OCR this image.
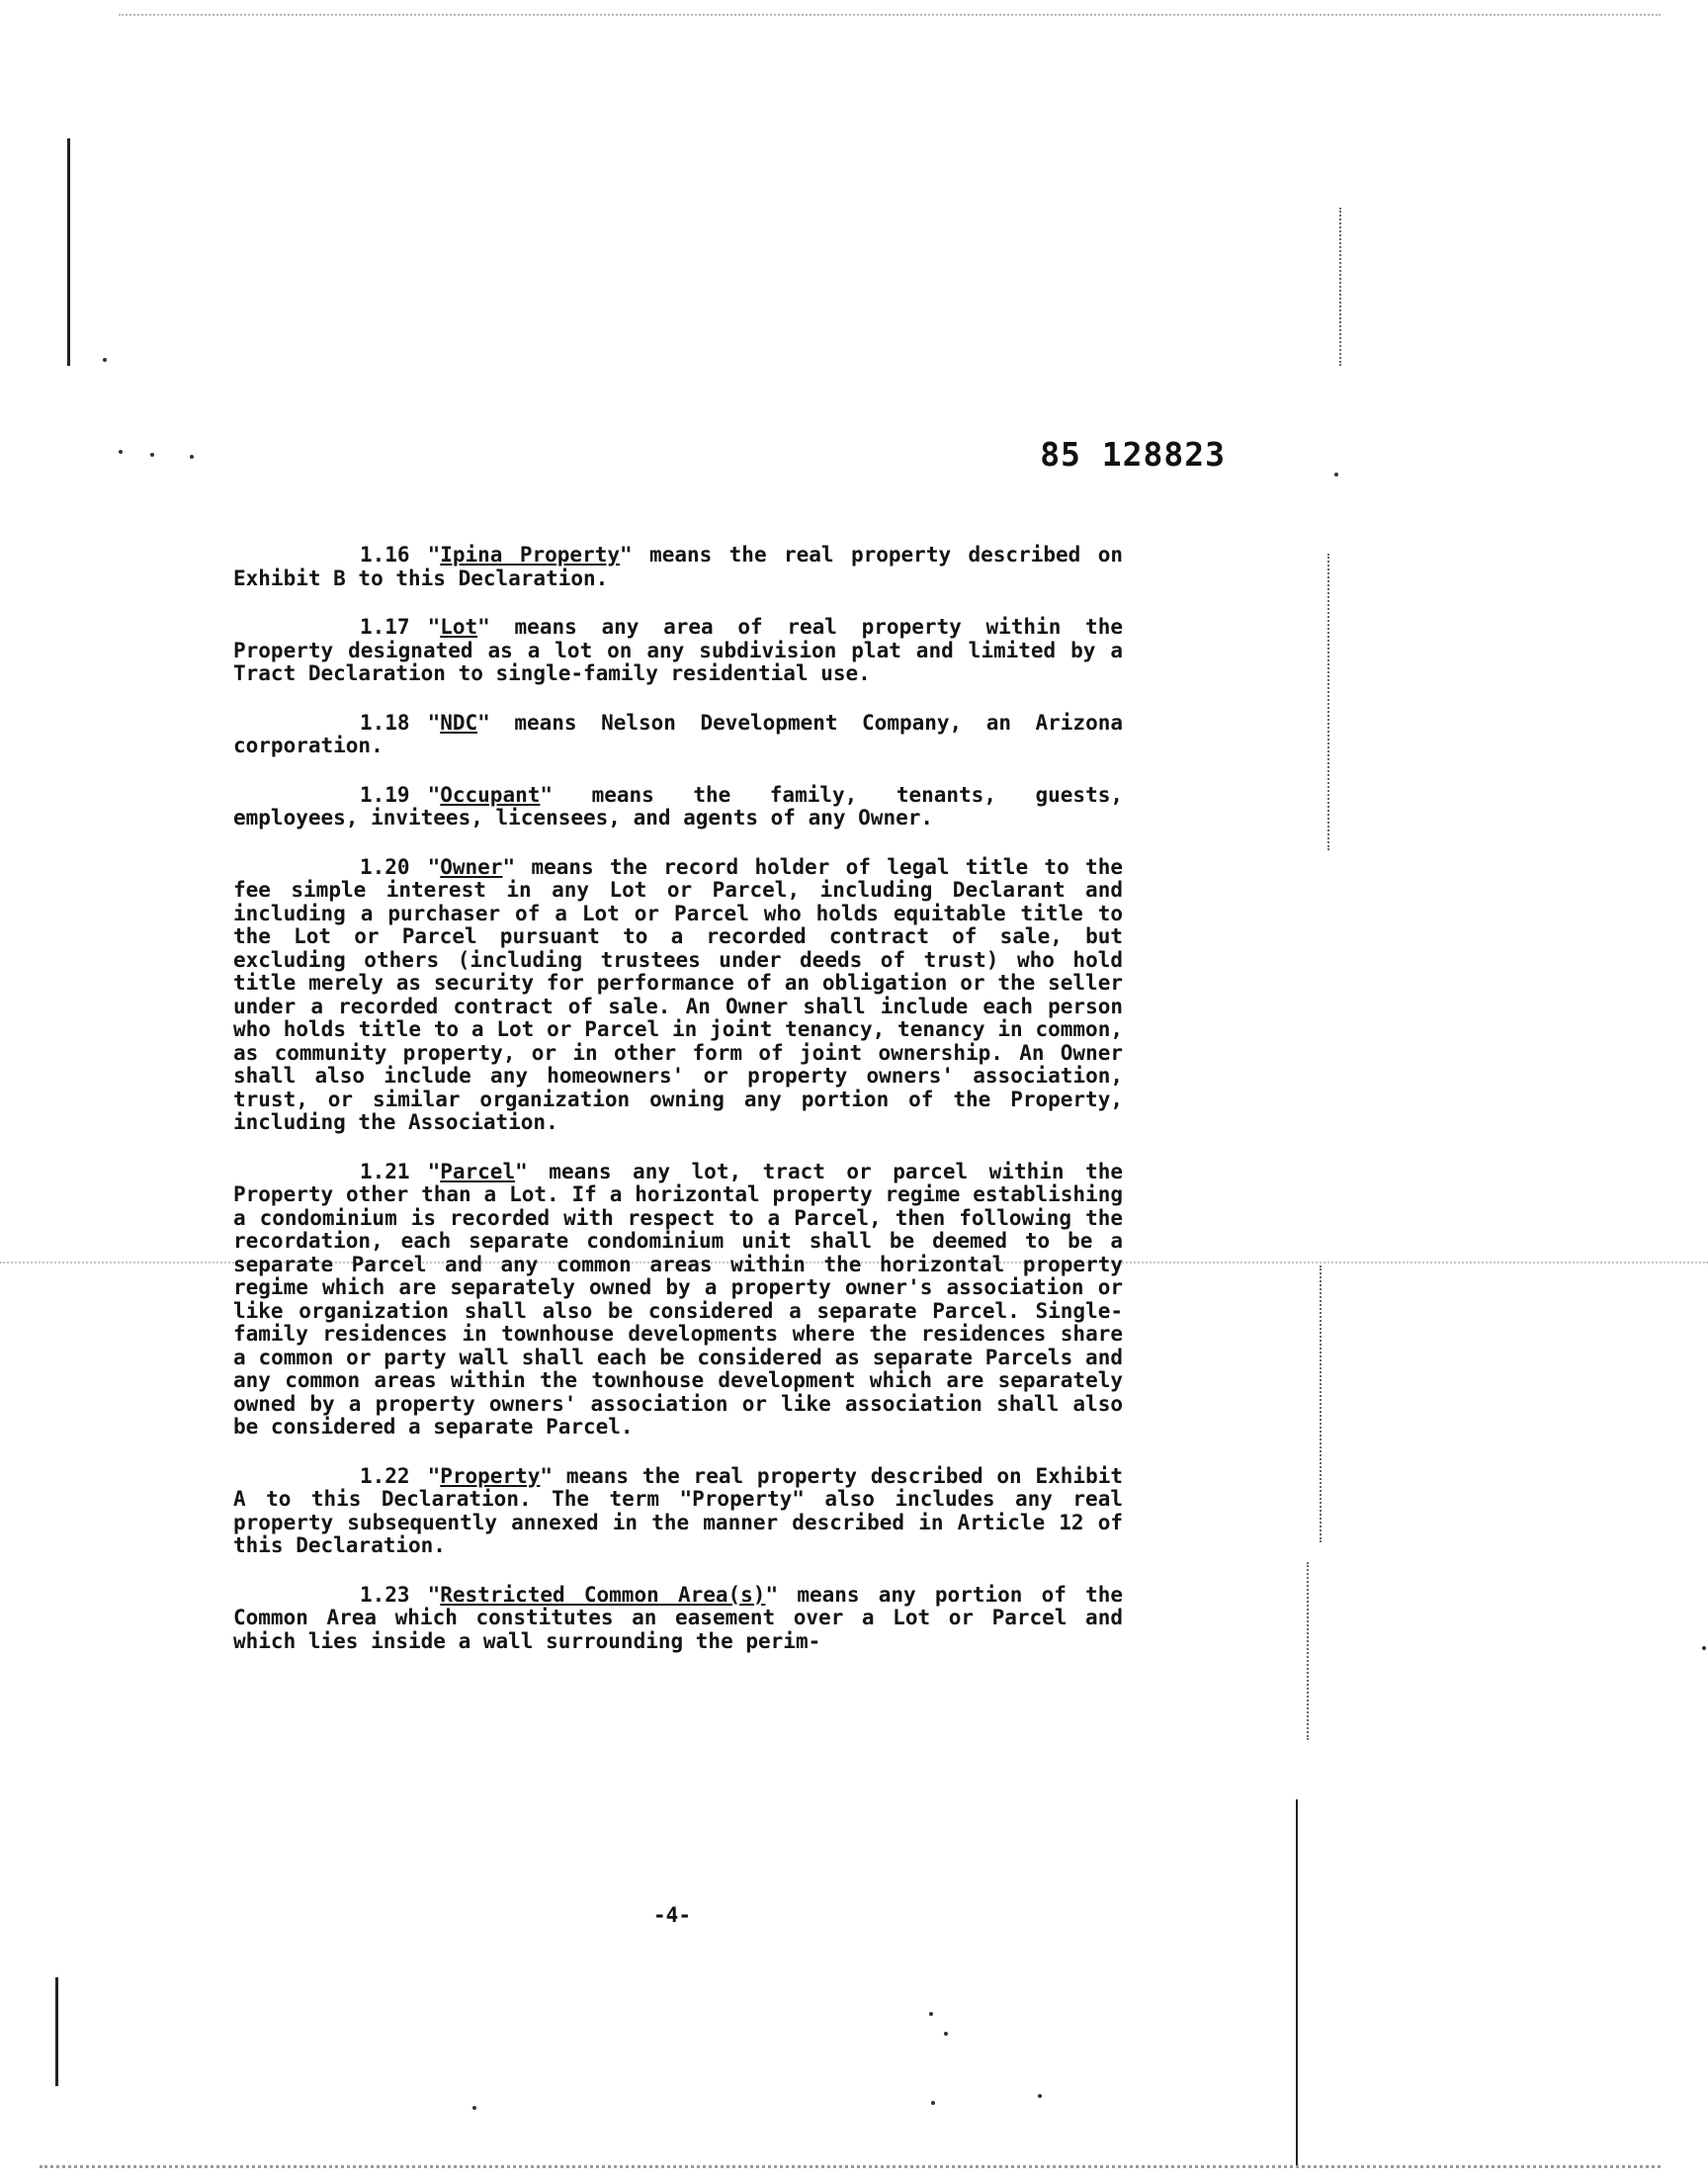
85 128823

1.16 "Ipina Property" means the real property described on Exhibit B to this Declaration.

1.17 "Lot" means any area of real property within the Property designated as a lot on any subdivision plat and limited by a Tract Declaration to single-family residential use.

1.18 "NDC" means Nelson Development Company, an Arizona corporation.

1.19 "Occupant" means the family, tenants, guests, employees, invitees, licensees, and agents of any Owner.

1.20 "Owner" means the record holder of legal title to the fee simple interest in any Lot or Parcel, including Declarant and including a purchaser of a Lot or Parcel who holds equitable title to the Lot or Parcel pursuant to a recorded contract of sale, but excluding others (including trustees under deeds of trust) who hold title merely as security for performance of an obligation or the seller under a recorded contract of sale. An Owner shall include each person who holds title to a Lot or Parcel in joint tenancy, tenancy in common, as community property, or in other form of joint ownership. An Owner shall also include any homeowners' or property owners' association, trust, or similar organization owning any portion of the Property, including the Association.

1.21 "Parcel" means any lot, tract or parcel within the Property other than a Lot. If a horizontal property regime establishing a condominium is recorded with respect to a Parcel, then following the recordation, each separate condominium unit shall be deemed to be a separate Parcel and any common areas within the horizontal property regime which are separately owned by a property owner's association or like organization shall also be considered a separate Parcel. Single-family residences in townhouse developments where the residences share a common or party wall shall each be considered as separate Parcels and any common areas within the townhouse development which are separately owned by a property owners' association or like association shall also be considered a separate Parcel.

1.22 "Property" means the real property described on Exhibit A to this Declaration. The term "Property" also includes any real property subsequently annexed in the manner described in Article 12 of this Declaration.

1.23 "Restricted Common Area(s)" means any portion of the Common Area which constitutes an easement over a Lot or Parcel and which lies inside a wall surrounding the perim-

-4-
